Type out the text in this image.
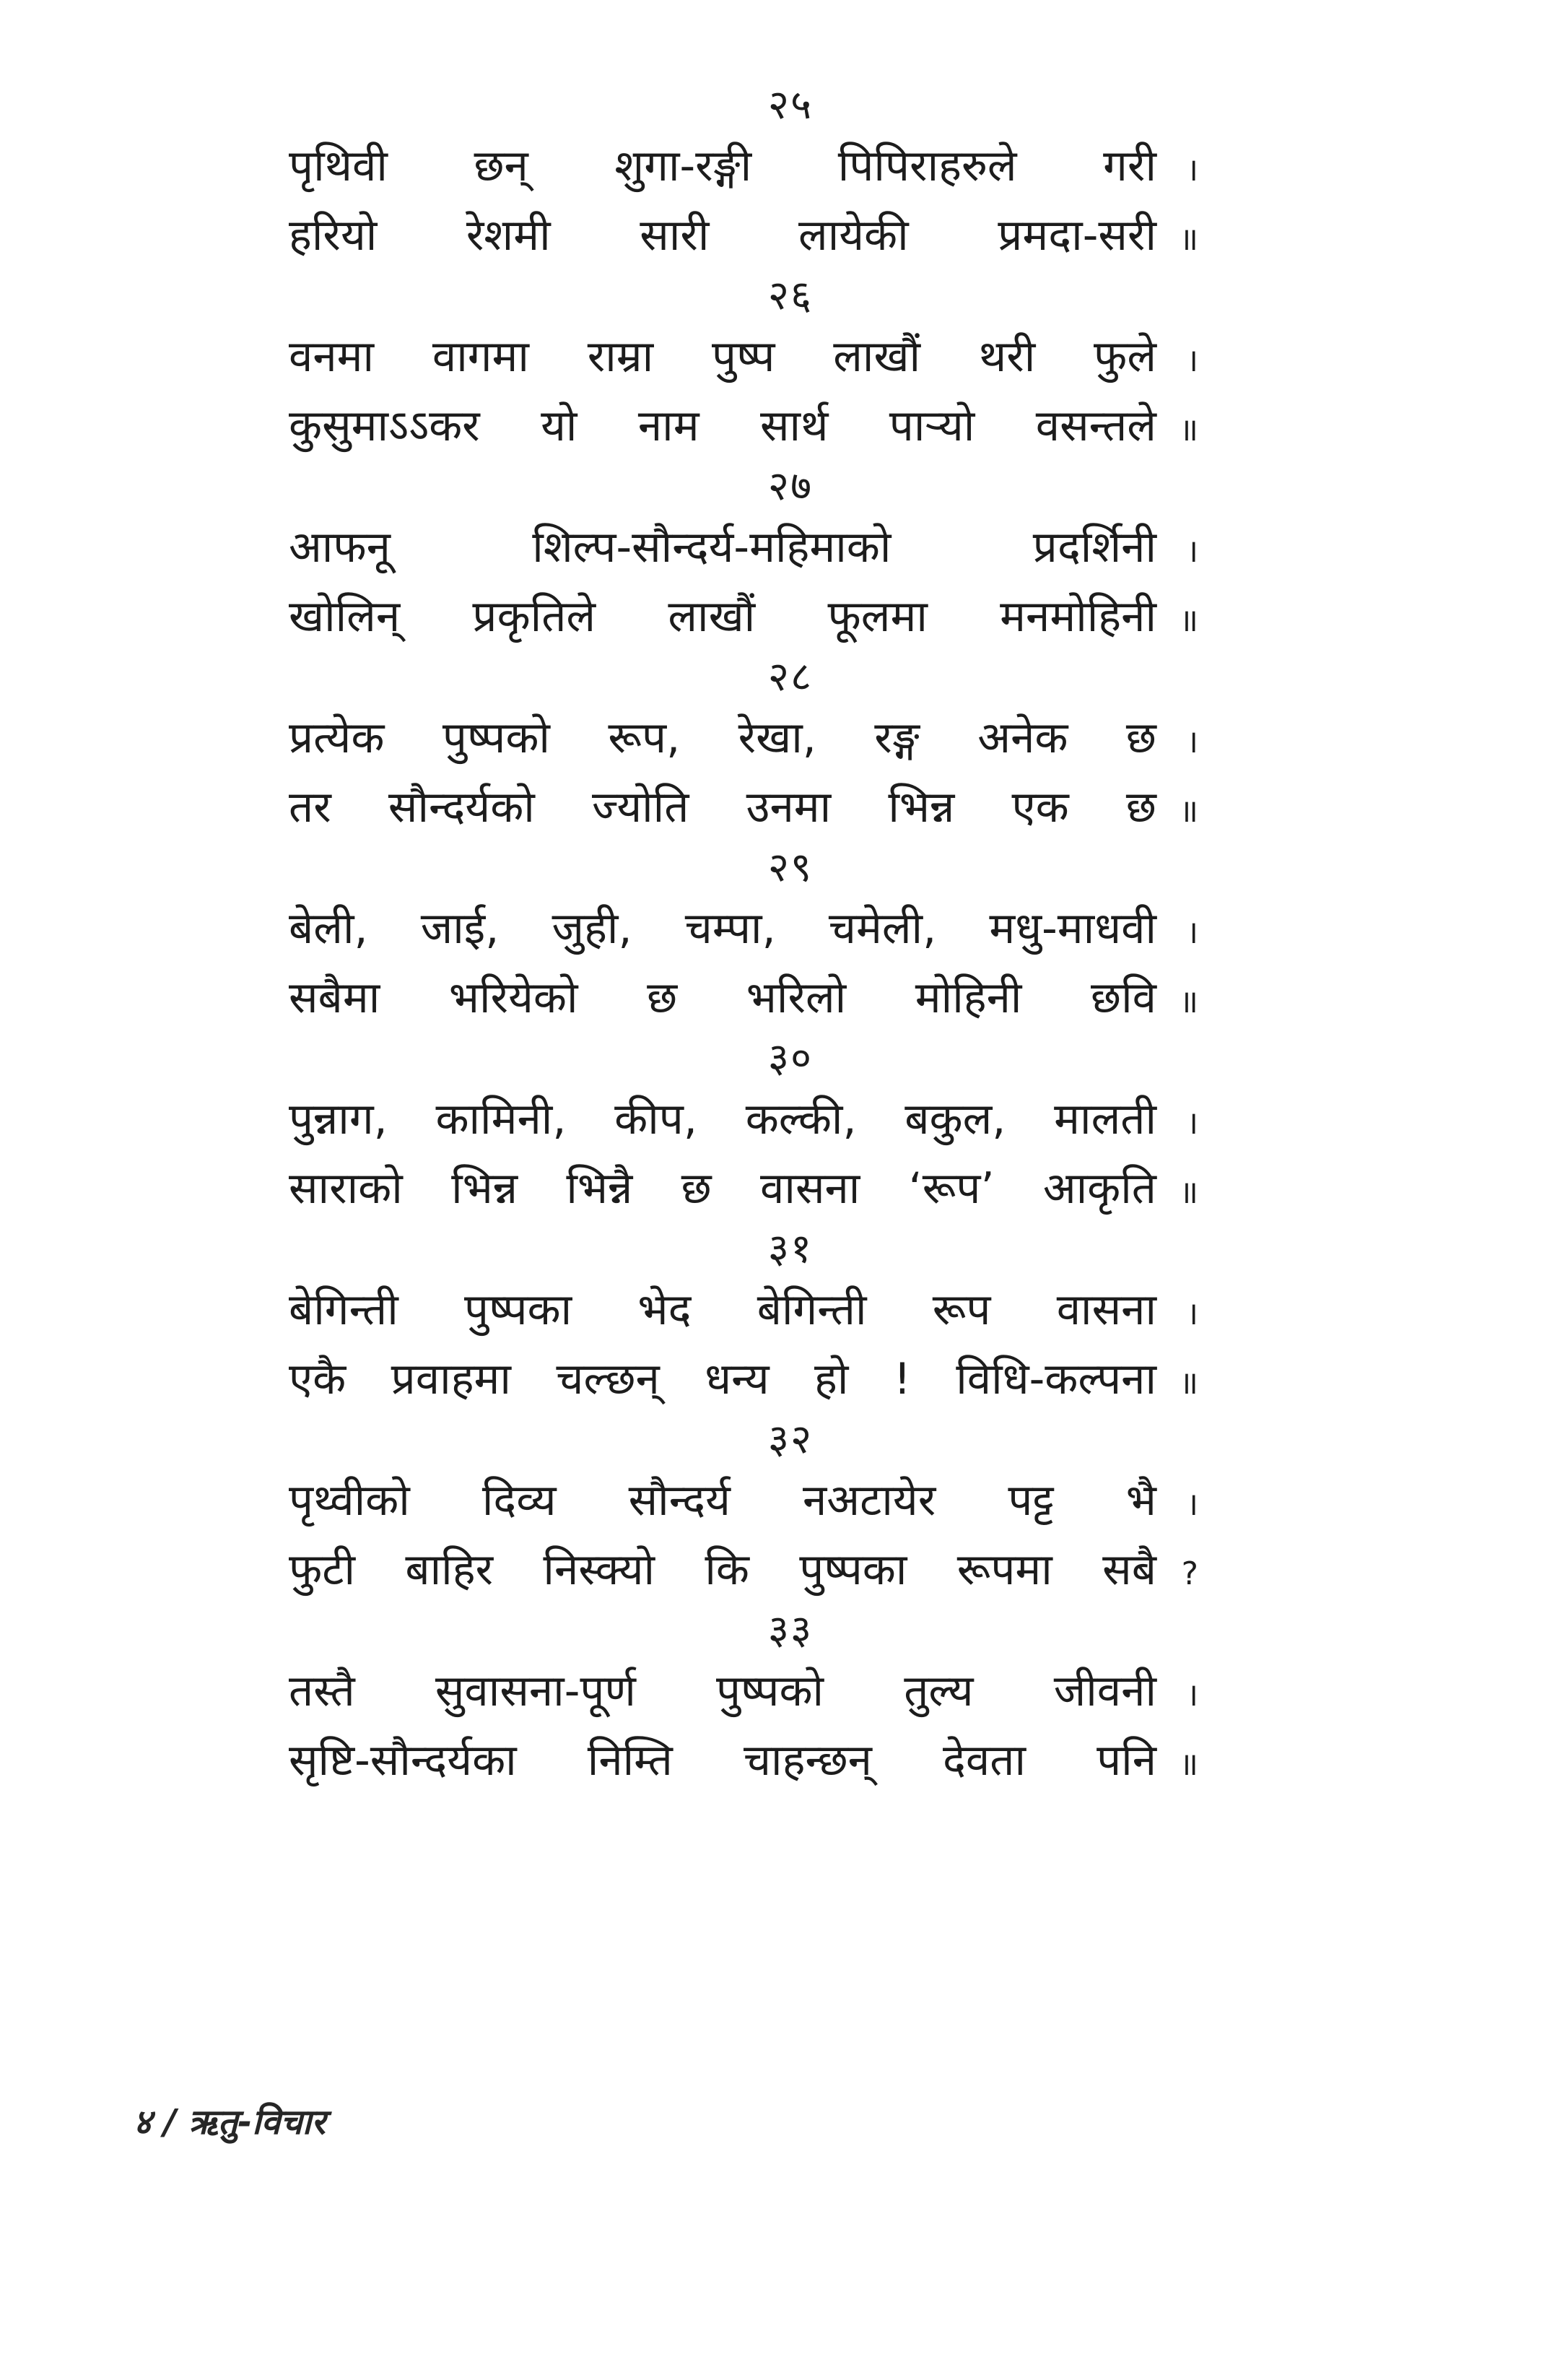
२५
पृथिवी छन् शुगा-रङ्गी पिपिराहरुले गरी ।
हरियो रेशमी सारी लायेकी प्रमदा-सरी ॥
२६
वनमा वागमा राम्रा पुष्प लाखौं थरी फुले ।
कुसुमाऽऽकर यो नाम सार्थ पार्‍यो वसन्तले ॥
२७
आफनू शिल्प-सौन्दर्य-महिमाको प्रदर्शिनी ।
खोलिन् प्रकृतिले लाखौं फूलमा मनमोहिनी ॥
२८
प्रत्येक पुष्पको रूप, रेखा, रङ्ग अनेक छ ।
तर सौन्दर्यको ज्योति उनमा भिन्न एक छ ॥
२९
बेली, जाई, जुही, चम्पा, चमेली, मधु-माधवी ।
सबैमा भरियेको छ भरिलो मोहिनी छवि ॥
३०
पुन्नाग, कामिनी, कीप, कल्की, बकुल, मालती ।
साराको भिन्न भिन्नै छ वासना ‘रूप’ आकृति ॥
३१
बेगिन्ती पुष्पका भेद बेगिन्ती रूप वासना ।
एकै प्रवाहमा चल्छन् धन्य हो ! विधि-कल्पना ॥
३२
पृथ्वीको दिव्य सौन्दर्य नअटायेर पट्ट भै ।
फुटी बाहिर निस्क्यो कि पुष्पका रूपमा सबै ?
३३
तस्तै सुवासना-पूर्ण पुष्पको तुल्य जीवनी ।
सृष्टि-सौन्दर्यका निम्ति चाहन्छन् देवता पनि ॥
४ / ऋतु-विचार
